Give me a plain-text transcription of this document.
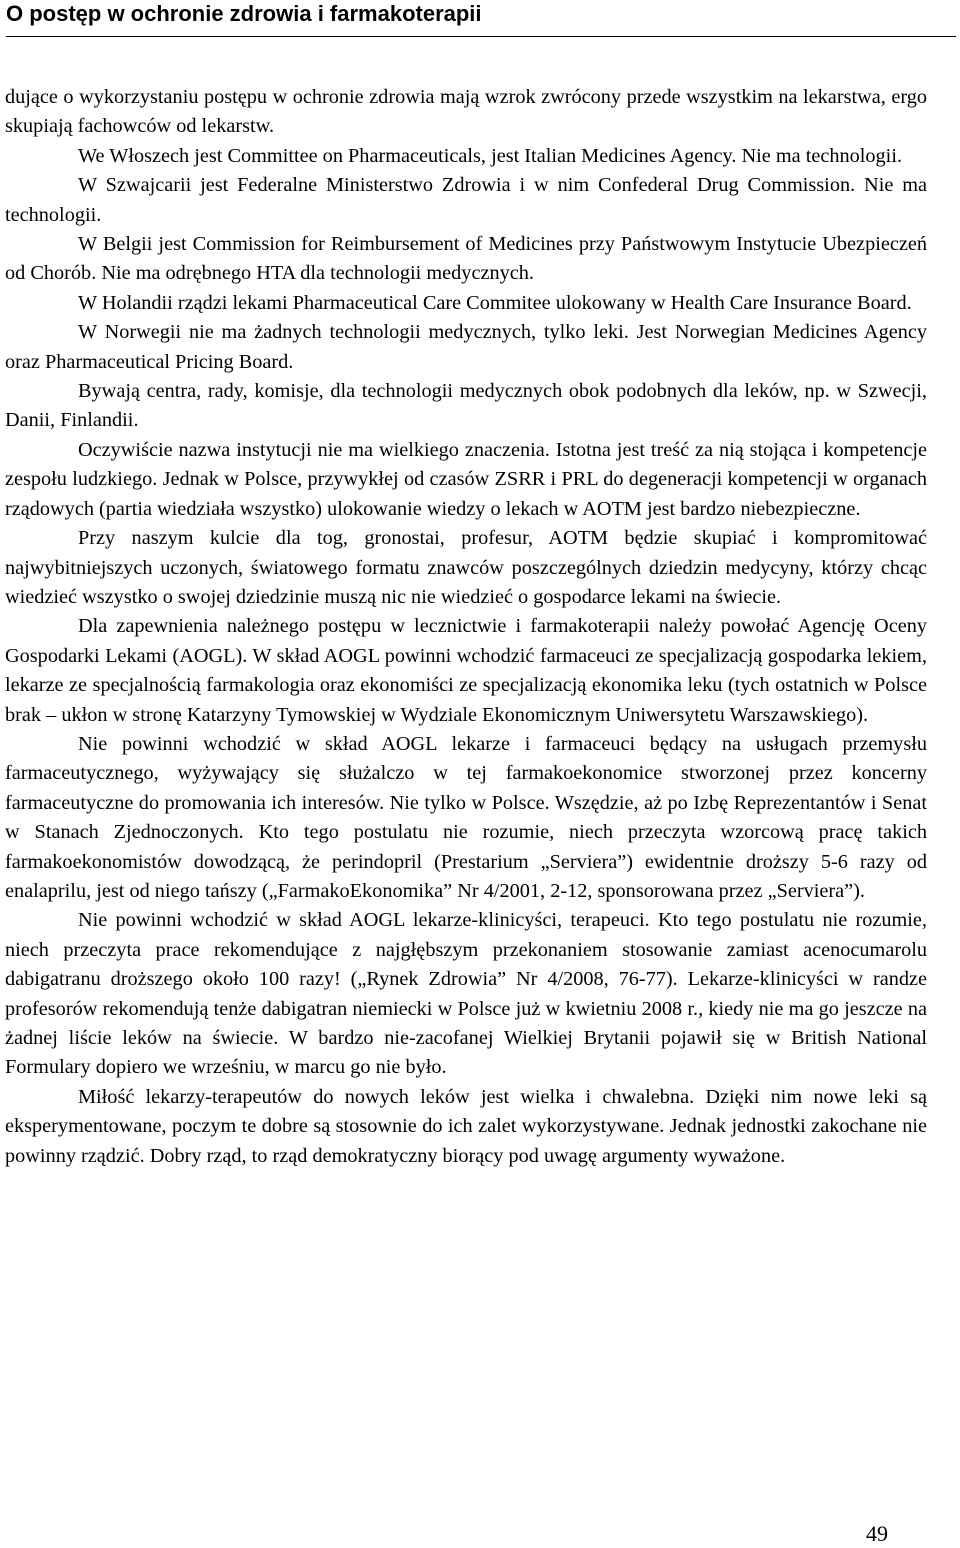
O postęp w ochronie zdrowia i farmakoterapii

dujące o wykorzystaniu postępu w ochronie zdrowia mają wzrok zwrócony przede wszystkim na lekarstwa, ergo skupiają fachowców od lekarstw.

We Włoszech jest Committee on Pharmaceuticals, jest Italian Medicines Agency. Nie ma technologii.

W Szwajcarii jest Federalne Ministerstwo Zdrowia i w nim Confederal Drug Commission. Nie ma technologii.

W Belgii jest Commission for Reimbursement of Medicines przy Państwowym Instytucie Ubezpieczeń od Chorób. Nie ma odrębnego HTA dla technologii medycznych.

W Holandii rządzi lekami Pharmaceutical Care Commitee ulokowany w Health Care Insurance Board.

W Norwegii nie ma żadnych technologii medycznych, tylko leki. Jest Norwegian Medicines Agency oraz Pharmaceutical Pricing Board.

Bywają centra, rady, komisje, dla technologii medycznych obok podobnych dla leków, np. w Szwecji, Danii, Finlandii.

Oczywiście nazwa instytucji nie ma wielkiego znaczenia. Istotna jest treść za nią stojąca i kompetencje zespołu ludzkiego. Jednak w Polsce, przywykłej od czasów ZSRR i PRL do degeneracji kompetencji w organach rządowych (partia wiedziała wszystko) ulokowanie wiedzy o lekach w AOTM jest bardzo niebezpieczne.

Przy naszym kulcie dla tog, gronostai, profesur, AOTM będzie skupiać i kompromitować najwybitniejszych uczonych, światowego formatu znawców poszczególnych dziedzin medycyny, którzy chcąc wiedzieć wszystko o swojej dziedzinie muszą nic nie wiedzieć o gospodarce lekami na świecie.

Dla zapewnienia należnego postępu w lecznictwie i farmakoterapii należy powołać Agencję Oceny Gospodarki Lekami (AOGL). W skład AOGL powinni wchodzić farmaceuci ze specjalizacją gospodarka lekiem, lekarze ze specjalnością farmakologia oraz ekonomiści ze specjalizacją ekonomika leku (tych ostatnich w Polsce brak – ukłon w stronę Katarzyny Tymowskiej w Wydziale Ekonomicznym Uniwersytetu Warszawskiego).

Nie powinni wchodzić w skład AOGL lekarze i farmaceuci będący na usługach przemysłu farmaceutycznego, wyżywający się służalczo w tej farmakoekonomice stworzonej przez koncerny farmaceutyczne do promowania ich interesów. Nie tylko w Polsce. Wszędzie, aż po Izbę Reprezentantów i Senat w Stanach Zjednoczonych. Kto tego postulatu nie rozumie, niech przeczyta wzorcową pracę takich farmakoekonomistów dowodzącą, że perindopril (Prestarium „Serviera”) ewidentnie droższy 5-6 razy od enalaprilu, jest od niego tańszy („FarmakoEkonomika” Nr 4/2001, 2-12, sponsorowana przez „Serviera”).

Nie powinni wchodzić w skład AOGL lekarze-klinicyści, terapeuci. Kto tego postulatu nie rozumie, niech przeczyta prace rekomendujące z najgłębszym przekonaniem stosowanie zamiast acenocumarolu dabigatranu droższego około 100 razy! („Rynek Zdrowia” Nr 4/2008, 76-77). Lekarze-klinicyści w randze profesorów rekomendują tenże dabigatran niemiecki w Polsce już w kwietniu 2008 r., kiedy nie ma go jeszcze na żadnej liście leków na świecie. W bardzo nie-zacofanej Wielkiej Brytanii pojawił się w British National Formulary dopiero we wrześniu, w marcu go nie było.

Miłość lekarzy-terapeutów do nowych leków jest wielka i chwalebna. Dzięki nim nowe leki są eksperymentowane, poczym te dobre są stosownie do ich zalet wykorzystywane. Jednak jednostki zakochane nie powinny rządzić. Dobry rząd, to rząd demokratyczny biorący pod uwagę argumenty wyważone.

49
